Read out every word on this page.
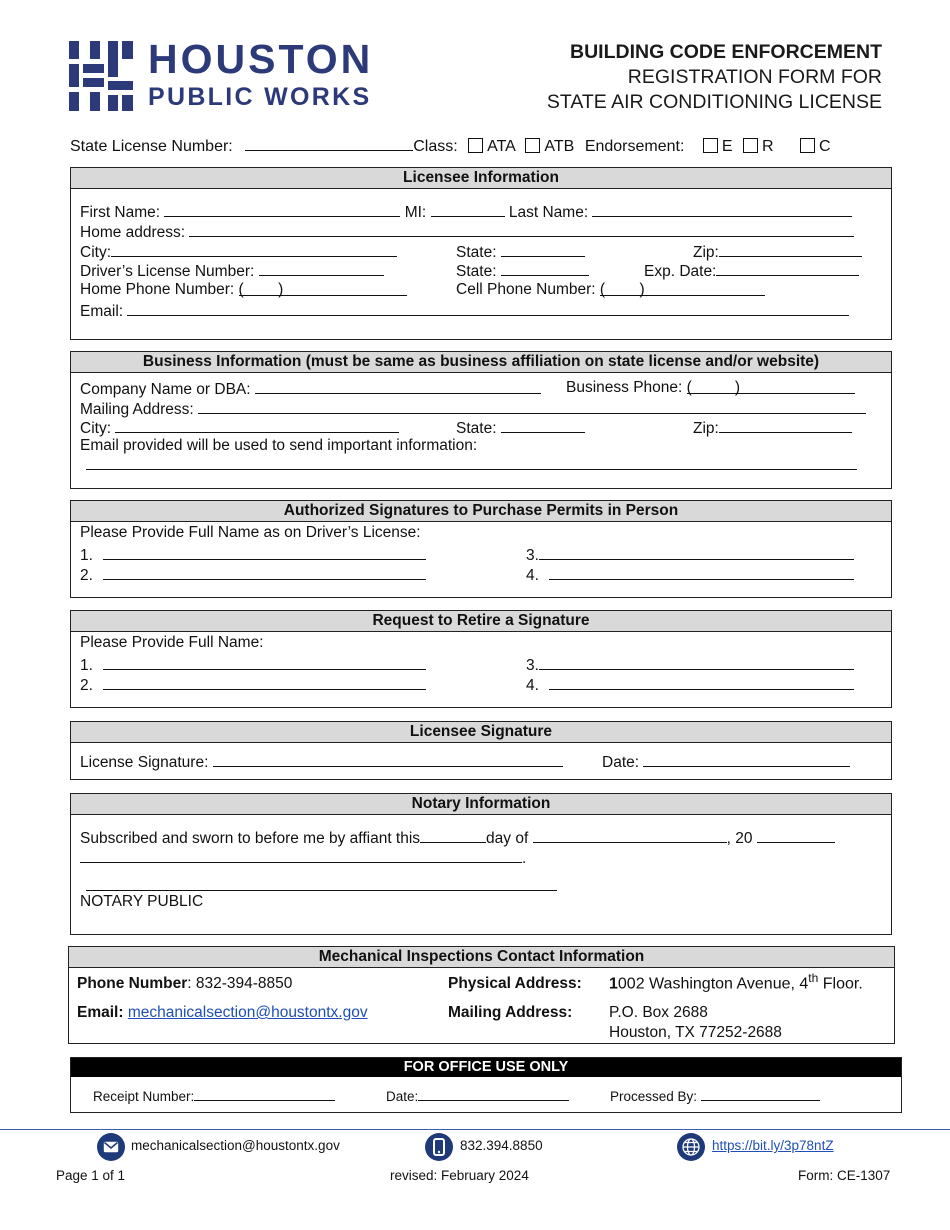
HOUSTON
PUBLIC WORKS
BUILDING CODE ENFORCEMENT
REGISTRATION FORM FOR
STATE AIR CONDITIONING LICENSE
State License Number:	Class: ATA ATB Endorsement: E R	C
Licensee Information
First Name:	MI:	Last Name:
Home address:
City:	State:	Zip:
Driver’s License Number:	State:	Exp. Date:
Home Phone Number: (        )	Cell Phone Number: (        )
Email:
Business Information (must be same as business affiliation on state license and/or website)
Company Name or DBA:	Business Phone: (          )
Mailing Address:
City:	State:	Zip:
Email provided will be used to send important information:
Authorized Signatures to Purchase Permits in Person
Please Provide Full Name as on Driver’s License:
1.
2.
3.
4.
Request to Retire a Signature
Please Provide Full Name:
1.
2.
3.
4.
Licensee Signature
License Signature:	Date:
Notary Information
Subscribed and sworn to before me by affiant this	day of	, 20
.
NOTARY PUBLIC
Mechanical Inspections Contact Information
Phone Number: 832-394-8850
Email: mechanicalsection@houstontx.gov
Physical Address: 1002 Washington Avenue, 4th Floor.
Mailing Address: P.O. Box 2688
Houston, TX 77252-2688
FOR OFFICE USE ONLY
Receipt Number:	Date:	Processed By:
mechanicalsection@houstontx.gov	832.394.8850	https://bit.ly/3p78ntZ
Page 1 of 1	revised: February 2024	Form: CE-1307
